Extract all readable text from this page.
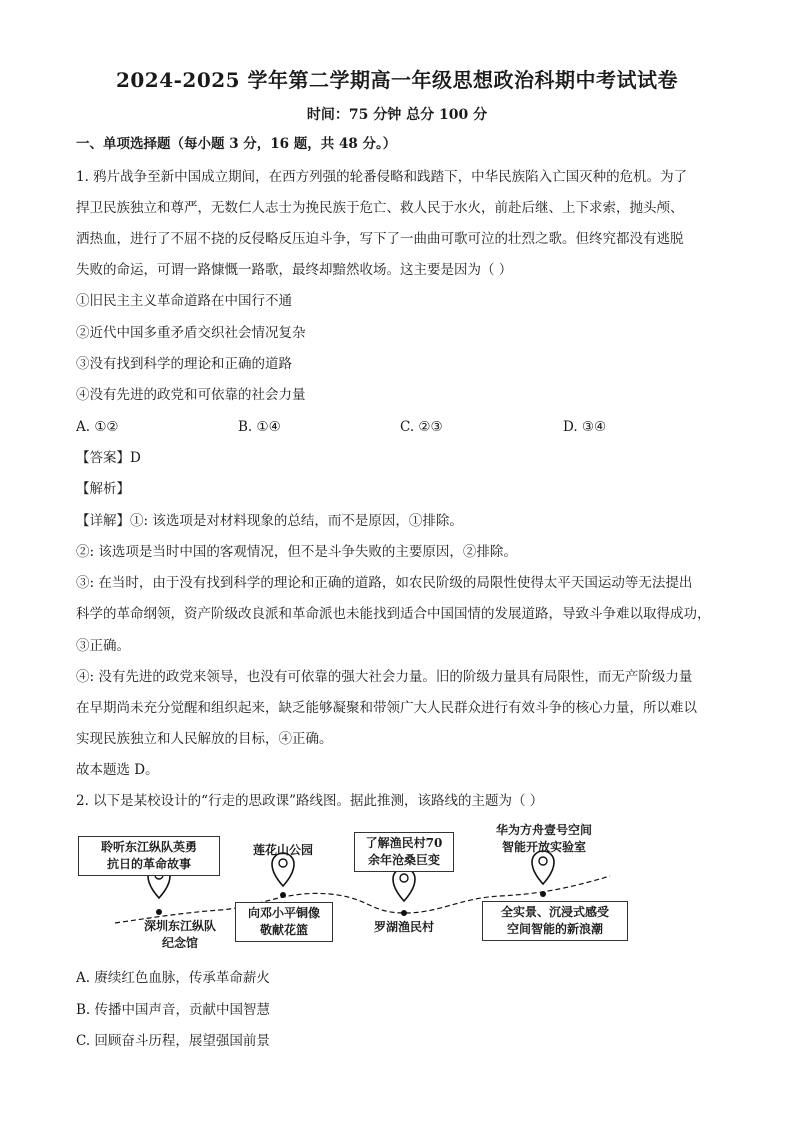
2024-2025 学年第二学期高一年级思想政治科期中考试试卷
时间：75 分钟 总分 100 分
一、单项选择题（每小题 3 分，16 题，共 48 分。）
1. 鸦片战争至新中国成立期间，在西方列强的轮番侵略和践踏下，中华民族陷入亡国灭种的危机。为了
捍卫民族独立和尊严，无数仁人志士为挽民族于危亡、救人民于水火，前赴后继、上下求索，抛头颅、
洒热血，进行了不屈不挠的反侵略反压迫斗争，写下了一曲曲可歌可泣的壮烈之歌。但终究都没有逃脱
失败的命运，可谓一路慷慨一路歌，最终却黯然收场。这主要是因为（ ）
①旧民主主义革命道路在中国行不通
②近代中国多重矛盾交织社会情况复杂
③没有找到科学的理论和正确的道路
④没有先进的政党和可依靠的社会力量
A. ①②	B. ①④	C. ②③	D. ③④
【答案】D
【解析】
【详解】①: 该选项是对材料现象的总结，而不是原因，①排除。
②: 该选项是当时中国的客观情况，但不是斗争失败的主要原因，②排除。
③: 在当时，由于没有找到科学的理论和正确的道路，如农民阶级的局限性使得太平天国运动等无法提出
科学的革命纲领，资产阶级改良派和革命派也未能找到适合中国国情的发展道路，导致斗争难以取得成功，
③正确。
④: 没有先进的政党来领导，也没有可依靠的强大社会力量。旧的阶级力量具有局限性，而无产阶级力量
在早期尚未充分觉醒和组织起来，缺乏能够凝聚和带领广大人民群众进行有效斗争的核心力量，所以难以
实现民族独立和人民解放的目标，④正确。
故本题选 D。
2. 以下是某校设计的“行走的思政课”路线图。据此推测，该路线的主题为（ ）
聆听东江纵队英勇
抗日的革命故事
深圳东江纵队
纪念馆
莲花山公园
向邓小平铜像
敬献花篮
了解渔民村70
余年沧桑巨变
罗湖渔民村
华为方舟壹号空间
智能开放实验室
全实景、沉浸式感受
空间智能的新浪潮
A. 赓续红色血脉，传承革命薪火
B. 传播中国声音，贡献中国智慧
C. 回顾奋斗历程，展望强国前景
